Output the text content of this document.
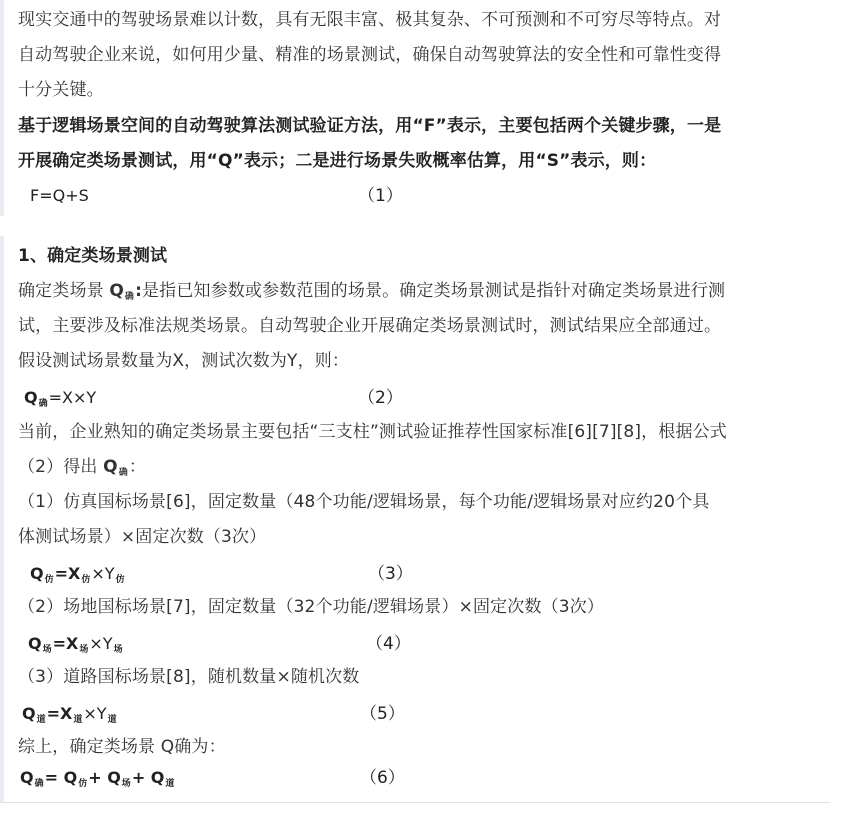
现实交通中的驾驶场景难以计数，具有无限丰富、极其复杂、不可预测和不可穷尽等特点。对
自动驾驶企业来说，如何用少量、精准的场景测试，确保自动驾驶算法的安全性和可靠性变得
十分关键。
基于逻辑场景空间的自动驾驶算法测试验证方法，用“F”表示，主要包括两个关键步骤，一是
开展确定类场景测试，用“Q”表示；二是进行场景失败概率估算，用“S”表示，则：
F=Q+S	（1）
1、确定类场景测试
确定类场景 Q确:是指已知参数或参数范围的场景。确定类场景测试是指针对确定类场景进行测
试，主要涉及标准法规类场景。自动驾驶企业开展确定类场景测试时，测试结果应全部通过。
假设测试场景数量为X，测试次数为Y，则：
$Q_确=X\times Y$	（2）
当前，企业熟知的确定类场景主要包括“三支柱”测试验证推荐性国家标准[6][7][8]，根据公式
（2）得出 Q确：
（1）仿真国标场景[6]，固定数量（48个功能/逻辑场景，每个功能/逻辑场景对应约20个具
体测试场景）×固定次数（3次）
$Q_仿=X_仿\times Y_仿$	（3）
（2）场地国标场景[7]，固定数量（32个功能/逻辑场景）×固定次数（3次）
$Q_场=X_场\times Y_场$	（4）
（3）道路国标场景[8]，随机数量×随机次数
$Q_道=X_道\times Y_道$	（5）
综上，确定类场景 Q确为：
$Q_确= Q_仿+ Q_场+ Q_道$	（6）
